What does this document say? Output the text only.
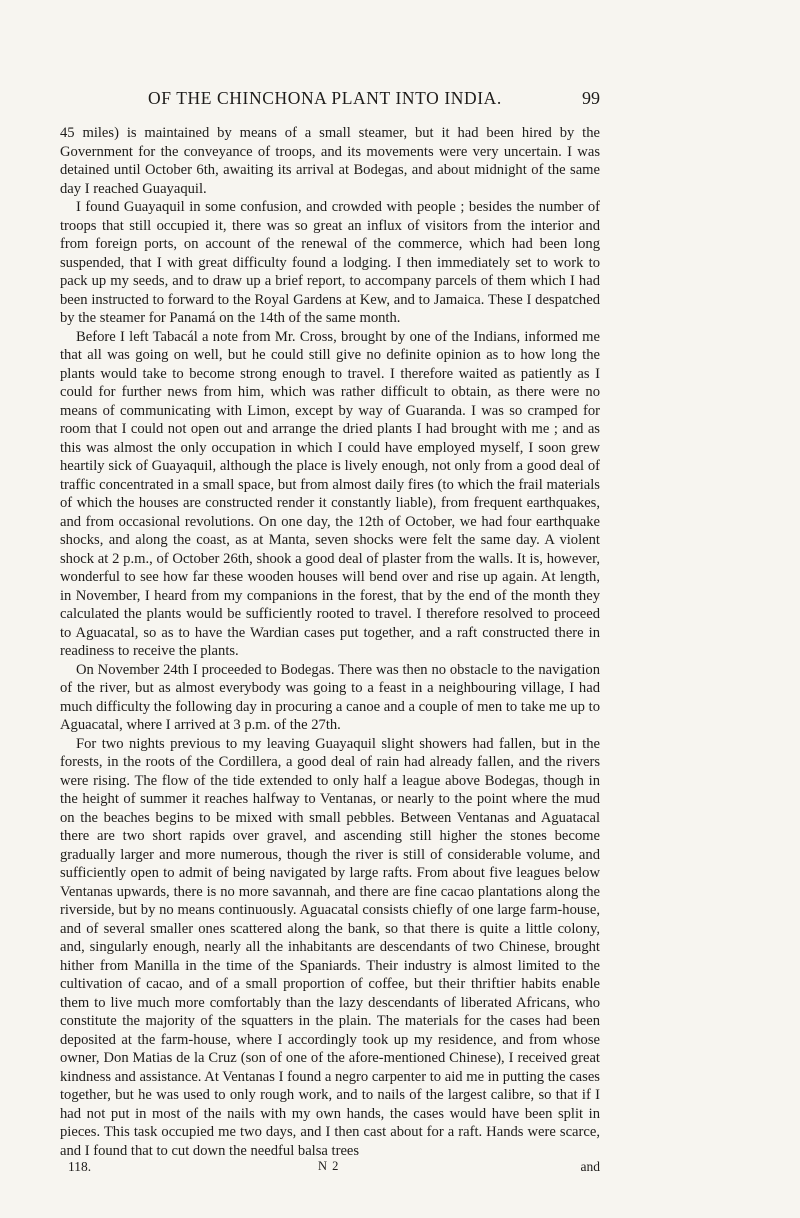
OF THE CHINCHONA PLANT INTO INDIA.	99

45 miles) is maintained by means of a small steamer, but it had been hired by the Government for the conveyance of troops, and its movements were very uncertain. I was detained until October 6th, awaiting its arrival at Bodegas, and about midnight of the same day I reached Guayaquil.

I found Guayaquil in some confusion, and crowded with people ; besides the number of troops that still occupied it, there was so great an influx of visitors from the interior and from foreign ports, on account of the renewal of the commerce, which had been long suspended, that I with great difficulty found a lodging. I then immediately set to work to pack up my seeds, and to draw up a brief report, to accompany parcels of them which I had been instructed to forward to the Royal Gardens at Kew, and to Jamaica. These I despatched by the steamer for Panamá on the 14th of the same month.

Before I left Tabacál a note from Mr. Cross, brought by one of the Indians, informed me that all was going on well, but he could still give no definite opinion as to how long the plants would take to become strong enough to travel. I therefore waited as patiently as I could for further news from him, which was rather difficult to obtain, as there were no means of communicating with Limon, except by way of Guaranda. I was so cramped for room that I could not open out and arrange the dried plants I had brought with me ; and as this was almost the only occupation in which I could have employed myself, I soon grew heartily sick of Guayaquil, although the place is lively enough, not only from a good deal of traffic concentrated in a small space, but from almost daily fires (to which the frail materials of which the houses are constructed render it constantly liable), from frequent earthquakes, and from occasional revolutions. On one day, the 12th of October, we had four earthquake shocks, and along the coast, as at Manta, seven shocks were felt the same day. A violent shock at 2 p.m., of October 26th, shook a good deal of plaster from the walls. It is, however, wonderful to see how far these wooden houses will bend over and rise up again. At length, in November, I heard from my companions in the forest, that by the end of the month they calculated the plants would be sufficiently rooted to travel. I therefore resolved to proceed to Aguacatal, so as to have the Wardian cases put together, and a raft constructed there in readiness to receive the plants.

On November 24th I proceeded to Bodegas. There was then no obstacle to the navigation of the river, but as almost everybody was going to a feast in a neighbouring village, I had much difficulty the following day in procuring a canoe and a couple of men to take me up to Aguacatal, where I arrived at 3 p.m. of the 27th.

For two nights previous to my leaving Guayaquil slight showers had fallen, but in the forests, in the roots of the Cordillera, a good deal of rain had already fallen, and the rivers were rising. The flow of the tide extended to only half a league above Bodegas, though in the height of summer it reaches halfway to Ventanas, or nearly to the point where the mud on the beaches begins to be mixed with small pebbles. Between Ventanas and Aguatacal there are two short rapids over gravel, and ascending still higher the stones become gradually larger and more numerous, though the river is still of considerable volume, and sufficiently open to admit of being navigated by large rafts. From about five leagues below Ventanas upwards, there is no more savannah, and there are fine cacao plantations along the riverside, but by no means continuously. Aguacatal consists chiefly of one large farm-house, and of several smaller ones scattered along the bank, so that there is quite a little colony, and, singularly enough, nearly all the inhabitants are descendants of two Chinese, brought hither from Manilla in the time of the Spaniards. Their industry is almost limited to the cultivation of cacao, and of a small proportion of coffee, but their thriftier habits enable them to live much more comfortably than the lazy descendants of liberated Africans, who constitute the majority of the squatters in the plain. The materials for the cases had been deposited at the farm-house, where I accordingly took up my residence, and from whose owner, Don Matias de la Cruz (son of one of the afore-mentioned Chinese), I received great kindness and assistance. At Ventanas I found a negro carpenter to aid me in putting the cases together, but he was used to only rough work, and to nails of the largest calibre, so that if I had not put in most of the nails with my own hands, the cases would have been split in pieces. This task occupied me two days, and I then cast about for a raft. Hands were scarce, and I found that to cut down the needful balsa trees

118.	N 2	and
